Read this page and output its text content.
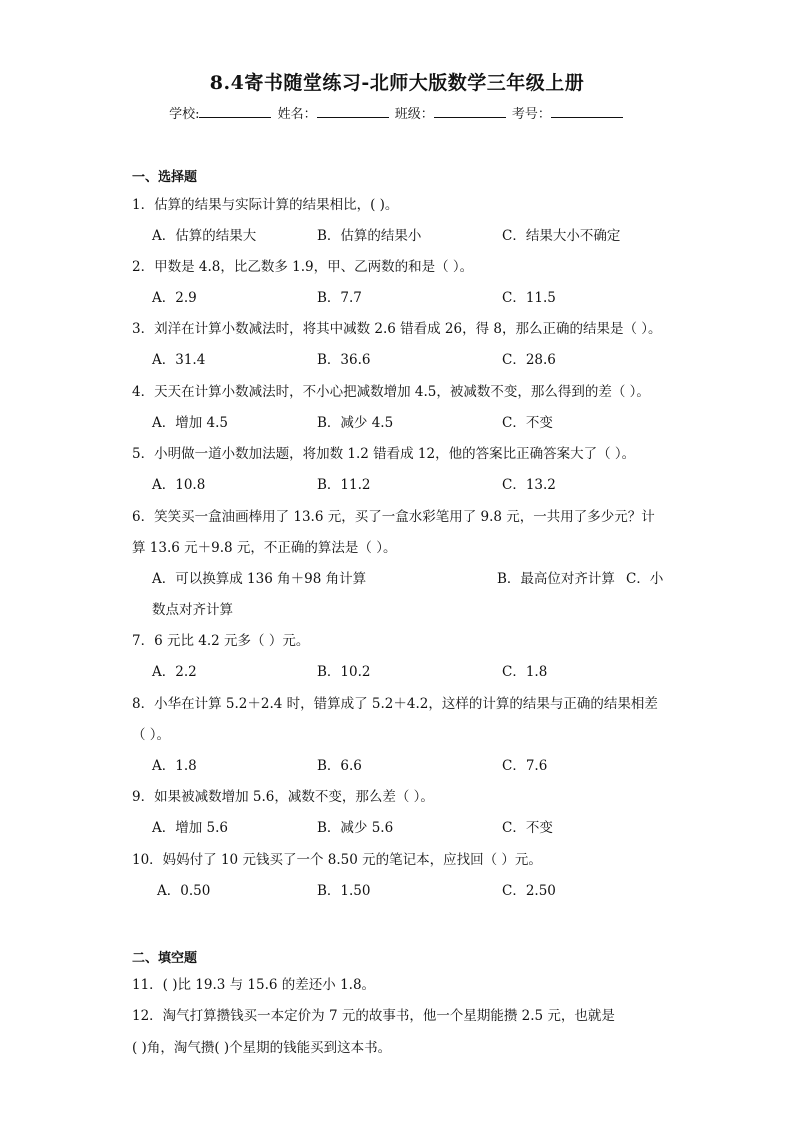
8.4寄书随堂练习-北师大版数学三年级上册
学校:	姓名：	班级：	考号：
一、选择题
1．估算的结果与实际计算的结果相比，( )。
A．估算的结果大	B．估算的结果小	C．结果大小不确定
2．甲数是 4.8，比乙数多 1.9，甲、乙两数的和是（ ）。
A．2.9	B．7.7	C．11.5
3．刘洋在计算小数减法时，将其中减数 2.6 错看成 26，得 8，那么正确的结果是（ ）。
A．31.4	B．36.6	C．28.6
4．天天在计算小数减法时，不小心把减数增加 4.5，被减数不变，那么得到的差（ ）。
A．增加 4.5	B．减少 4.5	C．不变
5．小明做一道小数加法题，将加数 1.2 错看成 12，他的答案比正确答案大了（ ）。
A．10.8	B．11.2	C．13.2
6．笑笑买一盒油画棒用了 13.6 元，买了一盒水彩笔用了 9.8 元，一共用了多少元？计
算 13.6 元＋9.8 元，不正确的算法是（ ）。
A．可以换算成 136 角＋98 角计算	B．最高位对齐计算 C．小
数点对齐计算
7．6 元比 4.2 元多（ ）元。
A．2.2	B．10.2	C．1.8
8．小华在计算 5.2＋2.4 时，错算成了 5.2＋4.2，这样的计算的结果与正确的结果相差
（ ）。
A．1.8	B．6.6	C．7.6
9．如果被减数增加 5.6，减数不变，那么差（ ）。
A．增加 5.6	B．减少 5.6	C．不变
10．妈妈付了 10 元钱买了一个 8.50 元的笔记本，应找回（ ）元。
A．0.50	B．1.50	C．2.50
二、填空题
11．( )比 19.3 与 15.6 的差还小 1.8。
12．淘气打算攒钱买一本定价为 7 元的故事书，他一个星期能攒 2.5 元，也就是
( )角，淘气攒( )个星期的钱能买到这本书。
